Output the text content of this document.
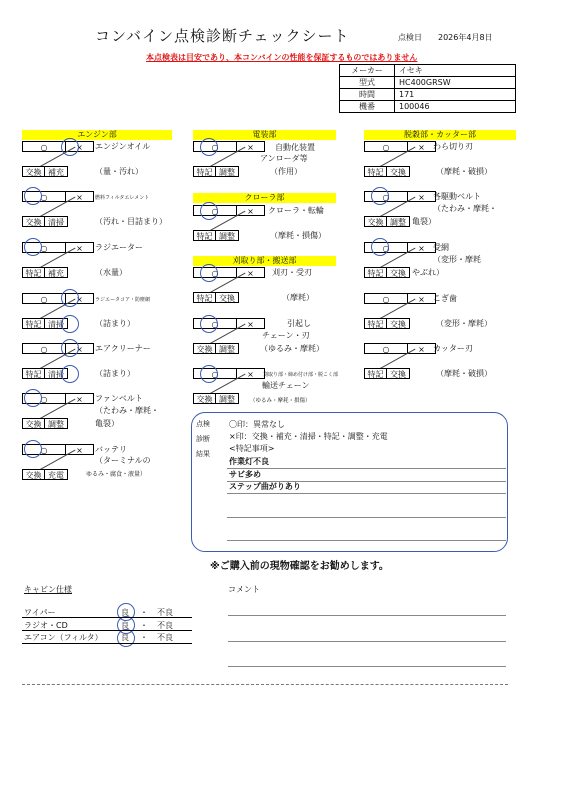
コンバイン点検診断チェックシート	点検日 2026年4月8日
本点検表は目安であり、本コンバインの性能を保証するものではありません
メーカー	イセキ
型式	HC400GRSW
時間	171
機番	100046
エンジン部
○	×	エンジンオイル
交換 補充	（量・汚れ）
○	×	燃料フィルタエレメント
交換 清掃	（汚れ・目詰まり）
○	×	ラジエーター
特記 補充	（水量）
○	×	ラジエータコア・防塵網
特記 清掃	（詰まり）
○	×	エアクリーナー
特記 清掃	（詰まり）
○	×	ファンベルト
（たわみ・摩耗・
交換 調整	亀裂）
○	×	バッテリ
（ターミナルの
交換 充電	ゆるみ・腐食・液量）
電装部
○	×	自動化装置
アンローダ等
特記 調整	（作用）
クローラ部
○	×	クローラ・転輪
特記 調整	（摩耗・損傷）
刈取り部・搬送部
○	×	刈刃・受刃
特記 交換	（摩耗）
○	×	引起し
チェーン・刃
交換 調整	（ゆるみ・摩耗）
○	×	刈取り部・締め付け部・脱こく部
輸送チェーン
交換 調整	（ゆるみ・摩耗・損傷）
脱穀部・カッター部
○	×	わら切り刃
特記 交換	（摩耗・破損）
○	×	各駆動ベルト
（たわみ・摩耗・
交換 調整 亀裂）
○	×	受網
（変形・摩耗
特記 交換 やぶれ）
○	×	こぎ歯
特記 交換	（変形・摩耗）
○	×	カッター刃
特記 交換	（摩耗・破損）
点検
診断
結果
〇印：異常なし
×印：交換・補充・清掃・特記・調整・充電
<特記事項>
作業灯不良
サビ多め
ステップ曲がりあり
※ご購入前の現物確認をお勧めします。
キャビン仕様	コメント
ワイパー	良 ・ 不良
ラジオ・CD	良 ・ 不良
エアコン（フィルタ） 良 ・ 不良
